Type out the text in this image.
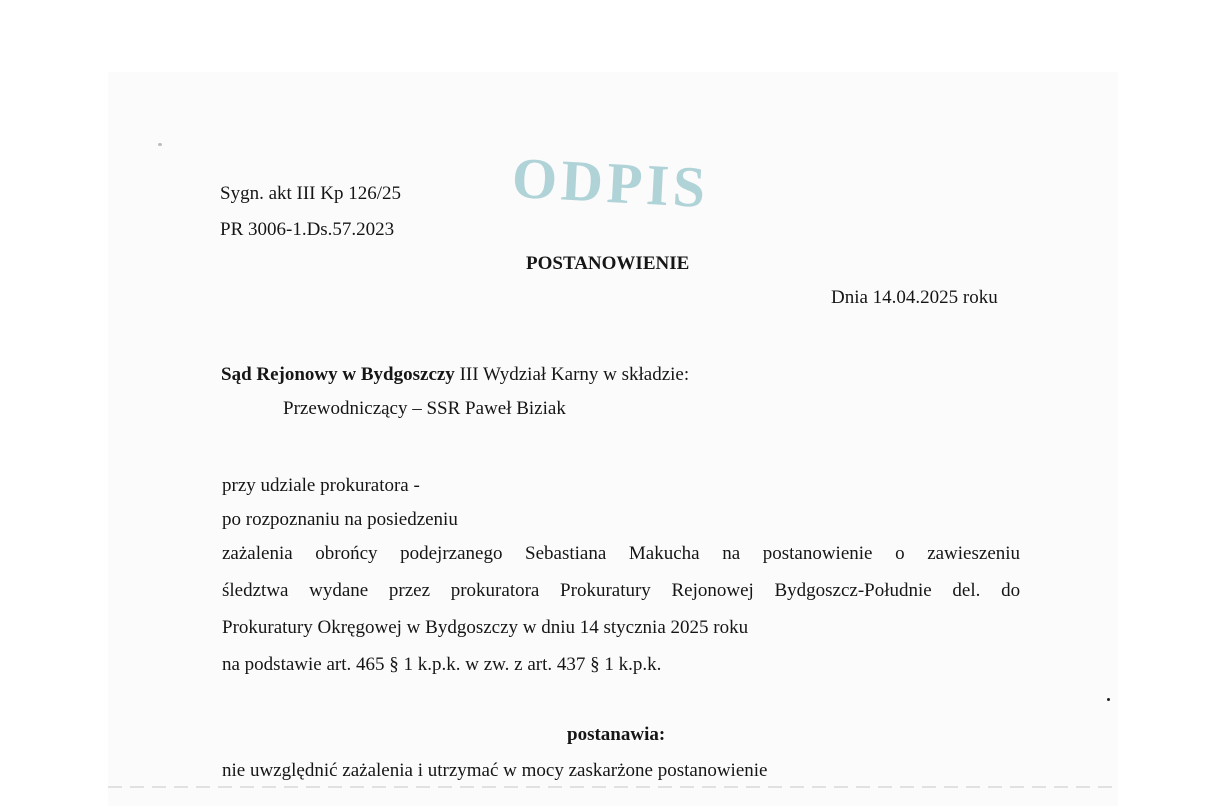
ODPIS
Sygn. akt III Kp 126/25
PR 3006-1.Ds.57.2023
POSTANOWIENIE
Dnia 14.04.2025 roku
Sąd Rejonowy w Bydgoszczy III Wydział Karny w składzie:
Przewodniczący – SSR Paweł Biziak
przy udziale prokuratora -
po rozpoznaniu na posiedzeniu
zażalenia obrońcy podejrzanego Sebastiana Makucha na postanowienie o zawieszeniu
śledztwa wydane przez prokuratora Prokuratury Rejonowej Bydgoszcz-Południe del. do
Prokuratury Okręgowej w Bydgoszczy w dniu 14 stycznia 2025 roku
na podstawie art. 465 § 1 k.p.k. w zw. z art. 437 § 1 k.p.k.
postanawia:
nie uwzględnić zażalenia i utrzymać w mocy zaskarżone postanowienie
